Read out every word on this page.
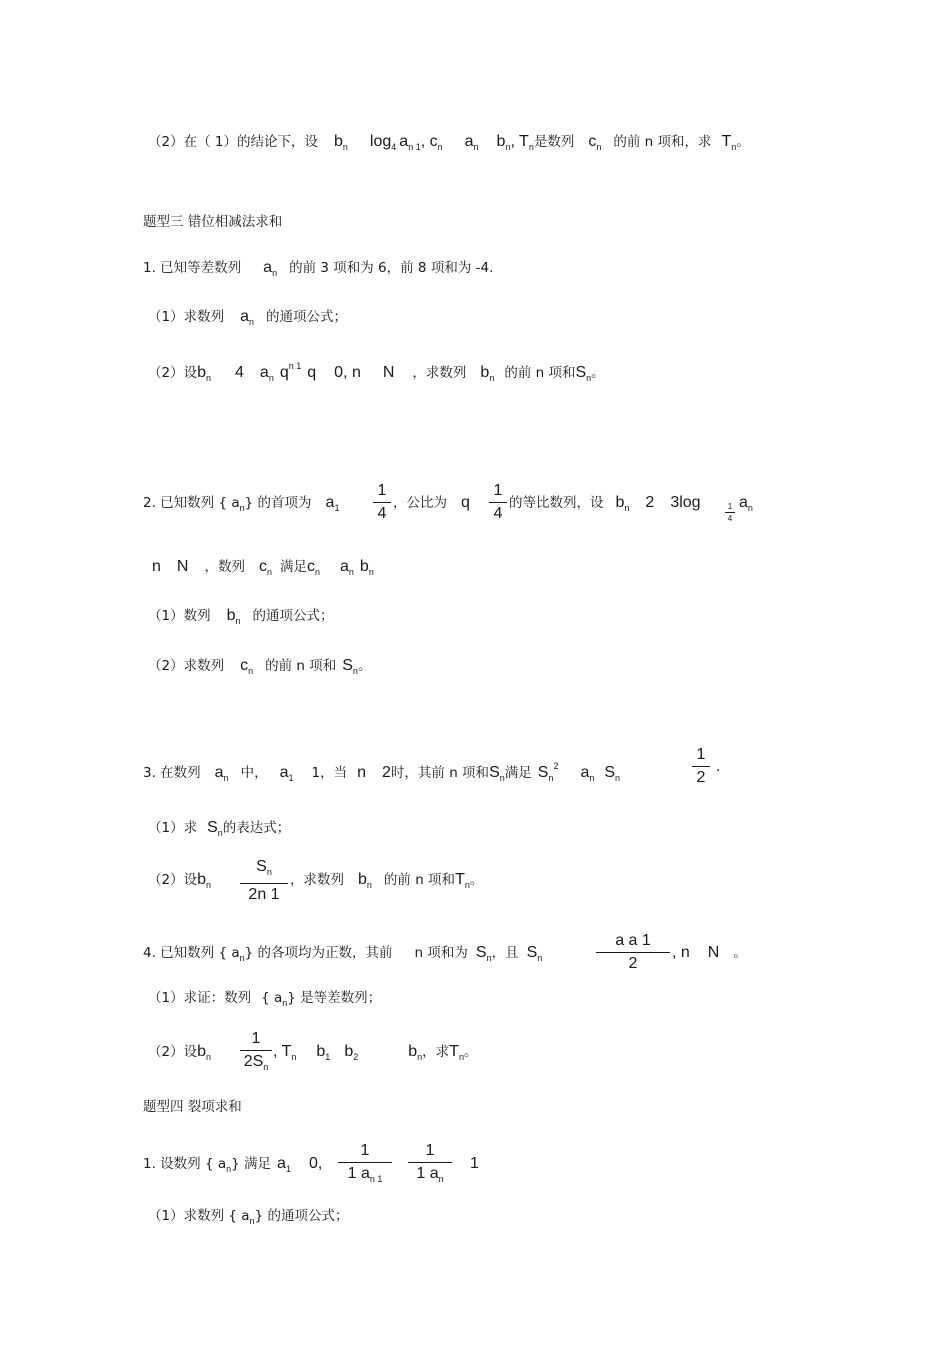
（2）在（ 1）的结论下，设 $b_n$ $\log_4 a_{n 1}$, $c_n$ $a_n$ $b_n$, $T_n$是数列 $c_n$ 的前 n 项和，求 $T_n$。
题型三 错位相减法求和
1. 已知等差数列 $a_n$ 的前 3 项和为 6，前 8 项和为 -4.
（1）求数列 $a_n$ 的通项公式；
（2）设$b_n$ 4 $a_n$ $q^{n 1}$ q 0, n N ，求数列 $b_n$ 的前 n 项和$S_n$。
2. 已知数列 { $a_n$} 的首项为 $a_1$
1
4
，公比为 q
1
4
的等比数列，设 $b_n$ 2 3log	1
4
$a_n$
n N ，数列 $c_n$ 满足$c_n$ $a_n$ $b_n$
（1）数列 $b_n$ 的通项公式；
（2）求数列 $c_n$ 的前 n 项和 $S_n$。
3. 在数列 $a_n$ 中， $a_1$ 1，当 n 2时，其前 n 项和$S_n$满足 $S_n^2$ $a_n$ $S_n$
1
2
.
（1）求 $S_n$的表达式；
（2）设$b_n$
$S_n$
2n 1
，求数列 $b_n$ 的前 n 项和$T_n$。
4. 已知数列 { $a_n$} 的各项均为正数，其前 n 项和为 $S_n$，且 $S_n$
a a 1
2
, n N 。
（1）求证：数列 { $a_n$} 是等差数列；
（2）设$b_n$
1
$2S_n$
, $T_n$ $b_1$ $b_2$	$b_n$，求$T_n$。
题型四 裂项求和
1. 设数列 { $a_n$} 满足 $a_1$ 0,
1
1 $a_{n 1}$
1
1 $a_n$
1
（1）求数列 { $a_n$} 的通项公式；
